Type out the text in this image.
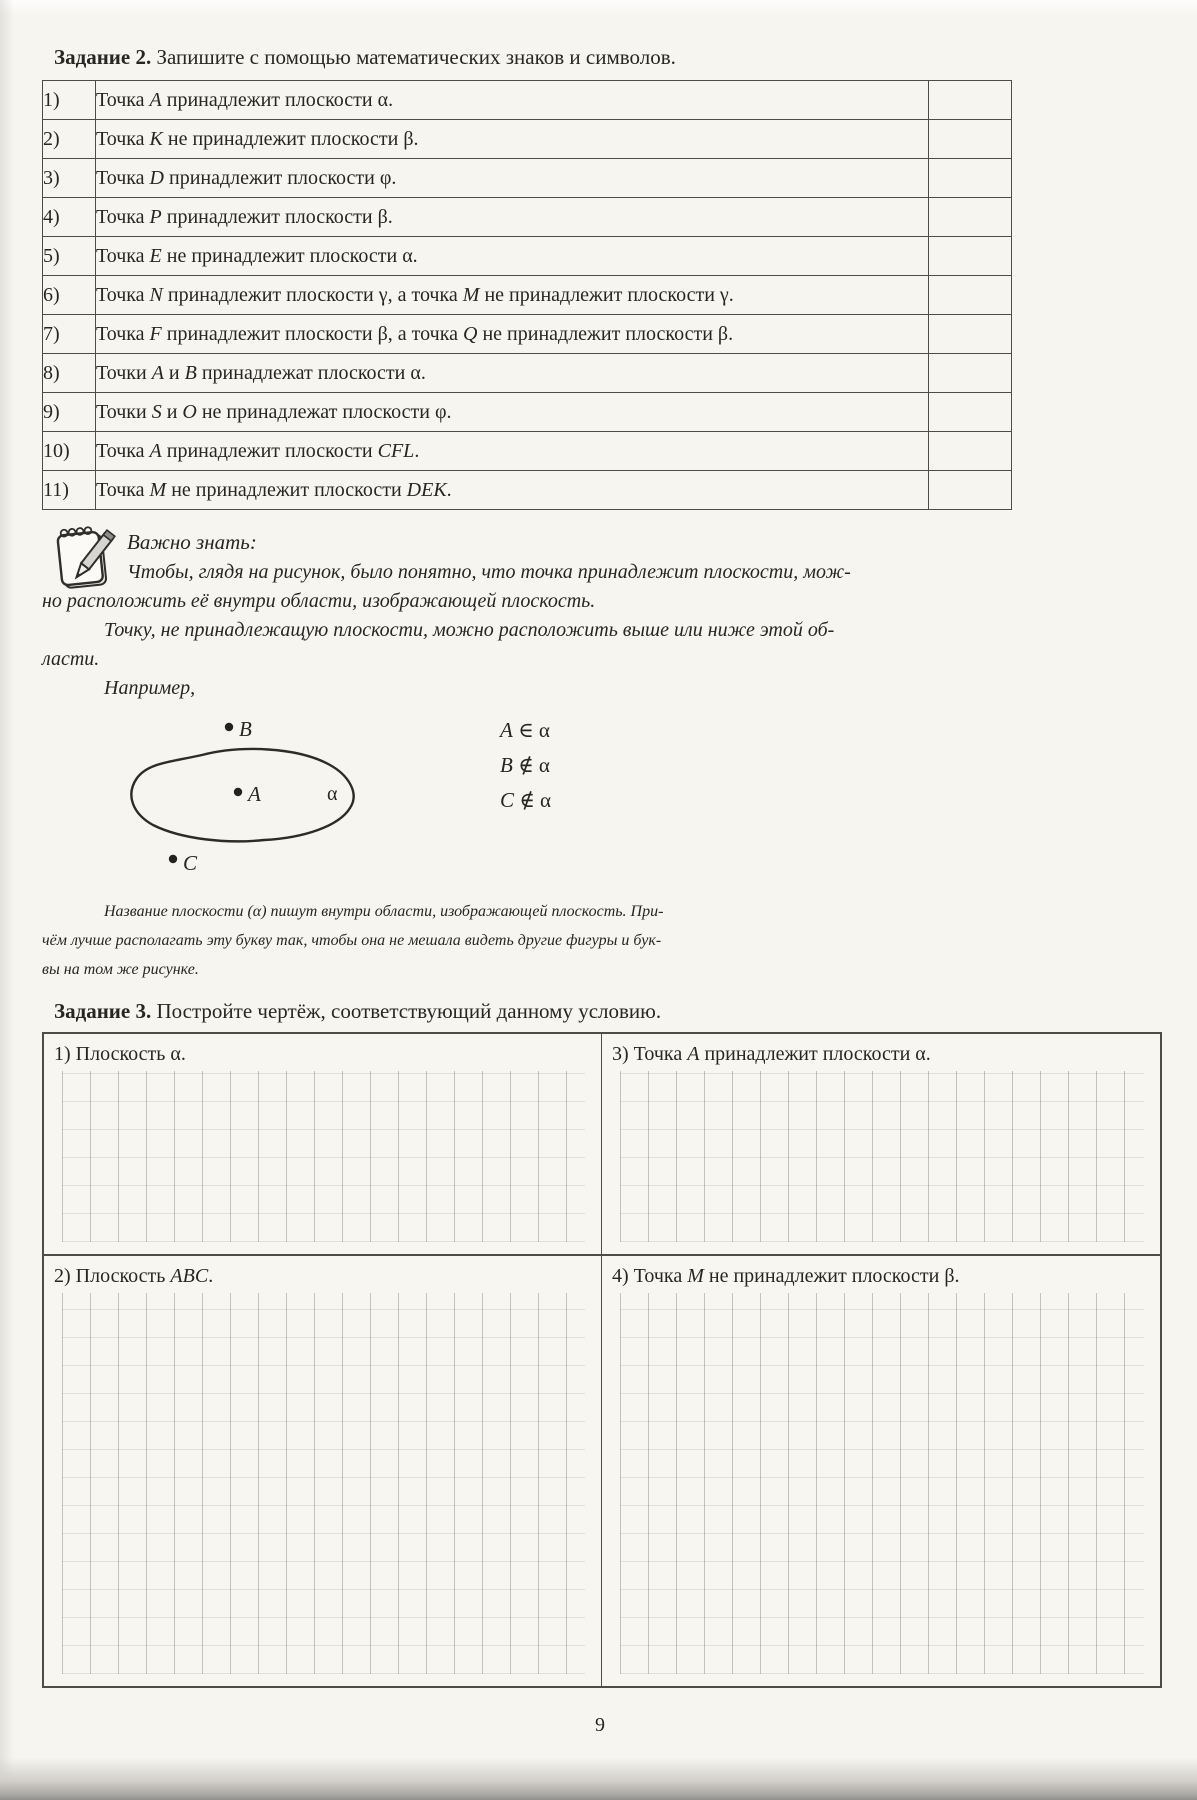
Задание 2. Запишите с помощью математических знаков и символов.

1)	Точка A принадлежит плоскости α.	
2)	Точка K не принадлежит плоскости β.	
3)	Точка D принадлежит плоскости φ.	
4)	Точка P принадлежит плоскости β.	
5)	Точка E не принадлежит плоскости α.	
6)	Точка N принадлежит плоскости γ, а точка M не принадлежит плоскости γ.	
7)	Точка F принадлежит плоскости β, а точка Q не принадлежит плоскости β.	
8)	Точки A и B принадлежат плоскости α.	
9)	Точки S и O не принадлежат плоскости φ.	
10)	Точка A принадлежит плоскости CFL.	
11)	Точка M не принадлежит плоскости DEK.	
Важно знать:
Чтобы, глядя на рисунок, было понятно, что точка принадлежит плоскости, мож-
но расположить её внутри области, изображающей плоскость.
Точку, не принадлежащую плоскости, можно расположить выше или ниже этой об-
ласти.
Например,
B
A	α
C
A ∈ α
B ∉ α
C ∉ α
Название плоскости (α) пишут внутри области, изображающей плоскость. При-
чём лучше располагать эту букву так, чтобы она не мешала видеть другие фигуры и бук-
вы на том же рисунке.

Задание 3. Постройте чертёж, соответствующий данному условию.

1) Плоскость α.	3) Точка A принадлежит плоскости α.
2) Плоскость ABC.	4) Точка M не принадлежит плоскости β.
9
